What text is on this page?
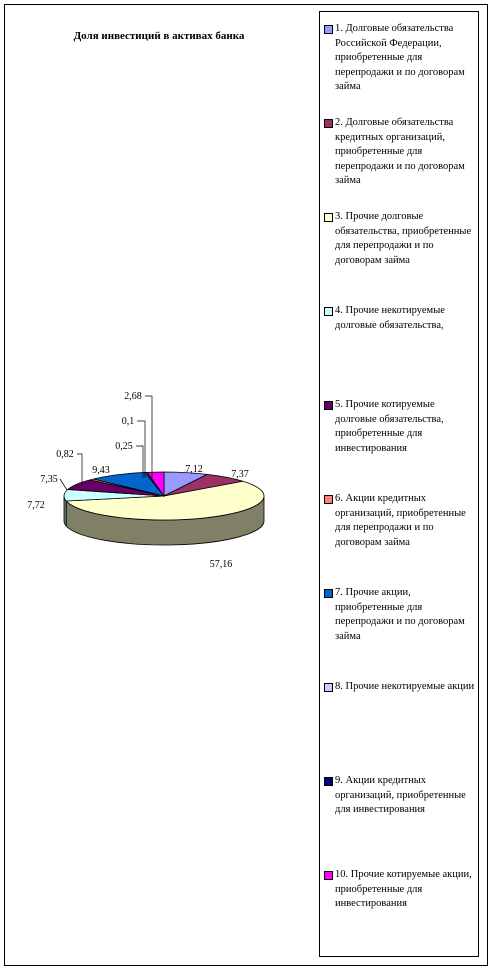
Доля инвестиций в активах банка
7,12	7,37
57,16
7,72
7,35
0,82
9,43
0,25
0,1
2,68
1. Долговые обязательства Российской Федерации, приобретенные для перепродажи и по договорам займа
2. Долговые обязательства кредитных организаций, приобретенные для перепродажи и по договорам займа
3. Прочие долговые обязательства, приобретенные для перепродажи и по договорам займа
4. Прочие некотируемые долговые обязательства,
5. Прочие котируемые долговые обязательства, приобретенные для инвестирования
6. Акции кредитных организаций, приобретенные для перепродажи и по договорам займа
7. Прочие акции, приобретенные для перепродажи и по договорам займа
8. Прочие некотируемые акции
9. Акции кредитных организаций, приобретенные для инвестирования
10. Прочие котируемые акции, приобретенные для инвестирования
